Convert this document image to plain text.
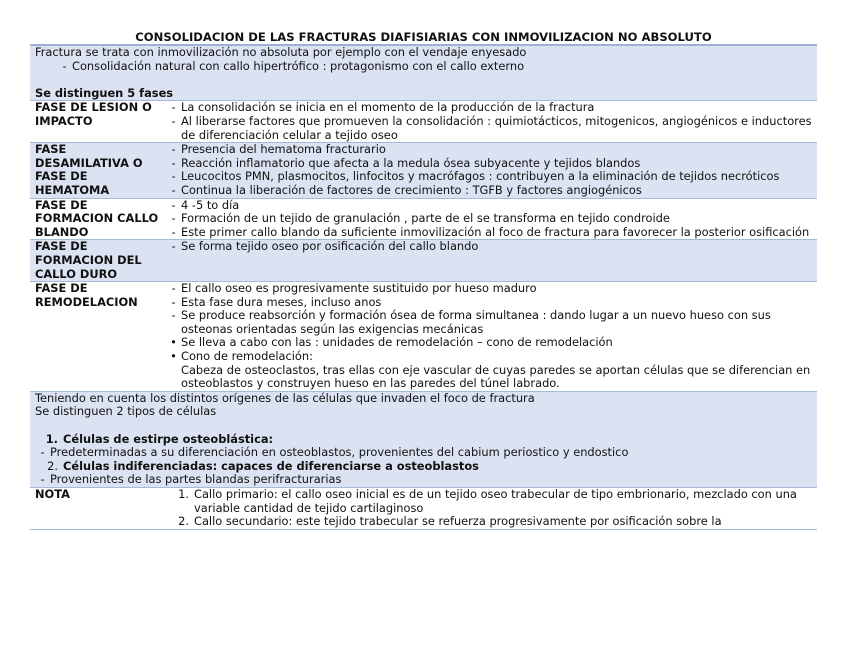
CONSOLIDACION DE LAS FRACTURAS DIAFISIARIAS CON INMOVILIZACION NO ABSOLUTO
Fractura se trata con inmovilización no absoluta por ejemplo con el vendaje enyesado
- Consolidación natural con callo hipertrófico : protagonismo con el callo externo
Se distinguen 5 fases
FASE DE LESION O IMPACTO
- La consolidación se inicia en el momento de la producción de la fractura
- Al liberarse factores que promueven la consolidación : quimiotácticos, mitogenicos, angiogénicos e inductores de diferenciación celular a tejido oseo
FASE DESAMILATIVA O FASE DE HEMATOMA
- Presencia del hematoma fracturario
- Reacción inflamatorio que afecta a la medula ósea subyacente y tejidos blandos
- Leucocitos PMN, plasmocitos, linfocitos y macrófagos : contribuyen a la eliminación de tejidos necróticos
- Continua la liberación de factores de crecimiento : TGFB y factores angiogénicos
FASE DE FORMACION CALLO BLANDO
- 4 -5 to día
- Formación de un tejido de granulación , parte de el se transforma en tejido condroide
- Este primer callo blando da suficiente inmovilización al foco de fractura para favorecer la posterior osificación
FASE DE FORMACION DEL CALLO DURO
- Se forma tejido oseo por osificación del callo blando
FASE DE REMODELACION
- El callo oseo es progresivamente sustituido por hueso maduro
- Esta fase dura meses, incluso anos
- Se produce reabsorción y formación ósea de forma simultanea : dando lugar a un nuevo hueso con sus osteonas orientadas según las exigencias mecánicas
• Se lleva a cabo con las : unidades de remodelación – cono de remodelación
• Cono de remodelación:
Cabeza de osteoclastos, tras ellas con eje vascular de cuyas paredes se aportan células que se diferencian en osteoblastos y construyen hueso en las paredes del túnel labrado.
Teniendo en cuenta los distintos orígenes de las células que invaden el foco de fractura
Se distinguen 2 tipos de células
1. Células de estirpe osteoblástica:
- Predeterminadas a su diferenciación en osteoblastos, provenientes del cabium periostico y endostico
2. Células indiferenciadas: capaces de diferenciarse a osteoblastos
- Provenientes de las partes blandas perifracturarias
NOTA	1. Callo primario: el callo oseo inicial es de un tejido oseo trabecular de tipo embrionario, mezclado con una variable cantidad de tejido cartilaginoso
2. Callo secundario: este tejido trabecular se refuerza progresivamente por osificación sobre la
